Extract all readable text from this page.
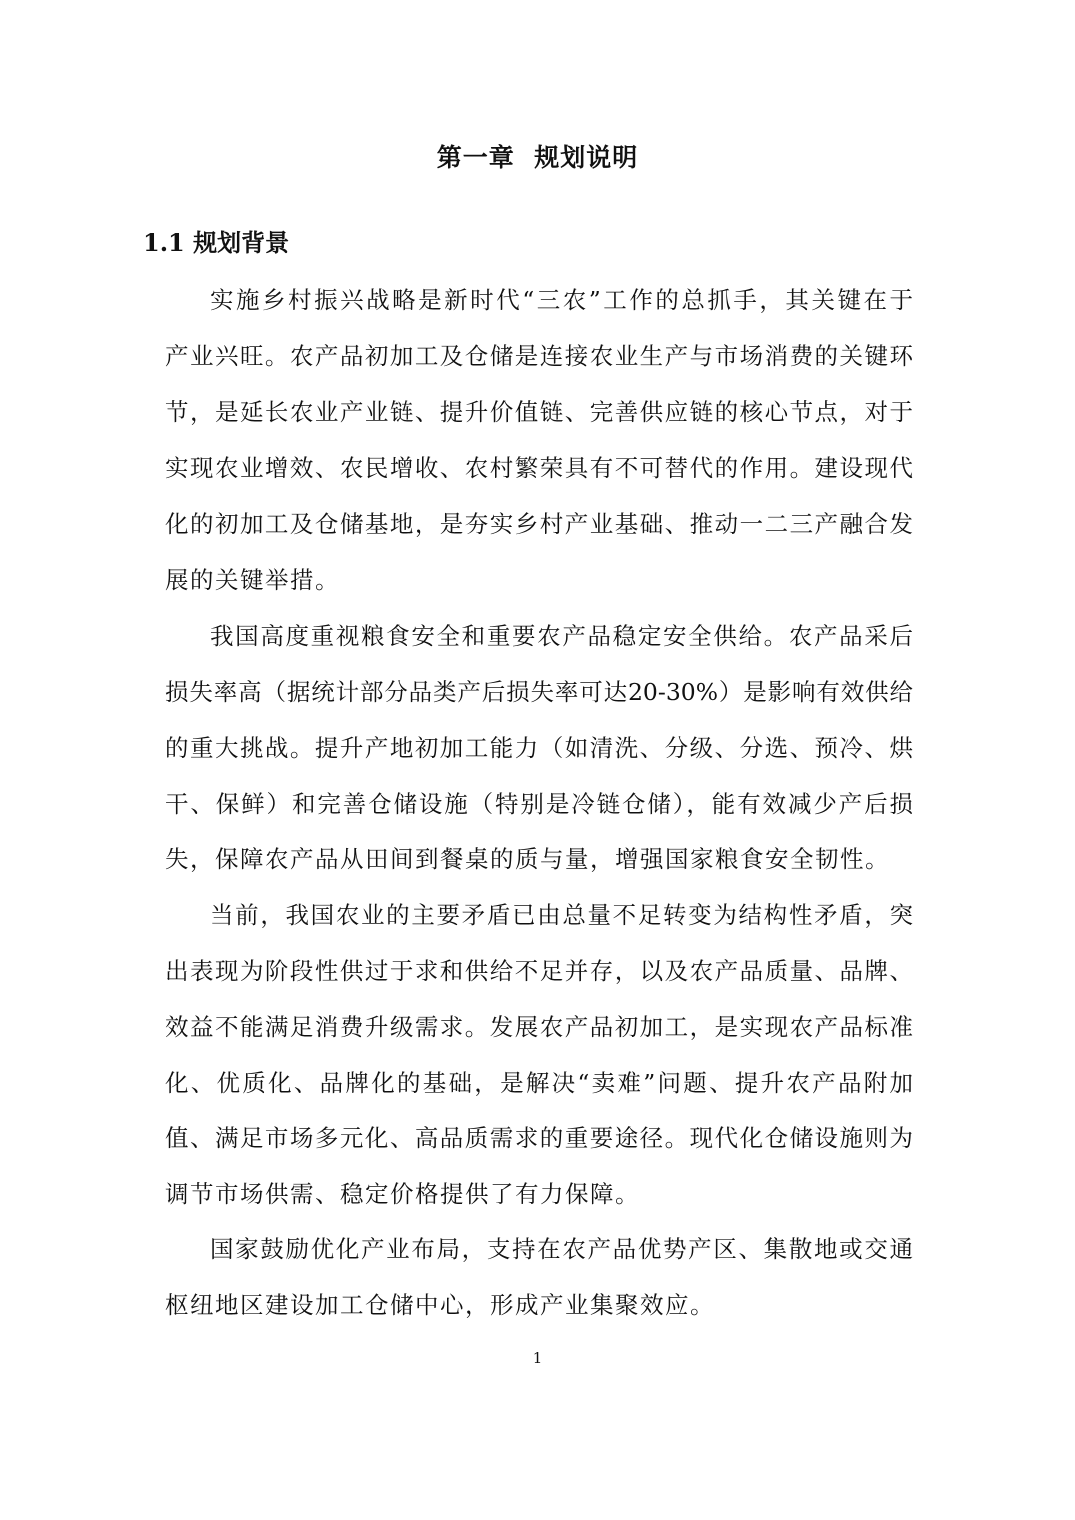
第一章  规划说明
1.1 规划背景
实施乡村振兴战略是新时代“三农”工作的总抓手，其关键在于
产业兴旺。农产品初加工及仓储是连接农业生产与市场消费的关键环
节，是延长农业产业链、提升价值链、完善供应链的核心节点，对于
实现农业增效、农民增收、农村繁荣具有不可替代的作用。建设现代
化的初加工及仓储基地，是夯实乡村产业基础、推动一二三产融合发
展的关键举措。
我国高度重视粮食安全和重要农产品稳定安全供给。农产品采后
损失率高（据统计部分品类产后损失率可达20-30%）是影响有效供给
的重大挑战。提升产地初加工能力（如清洗、分级、分选、预冷、烘
干、保鲜）和完善仓储设施（特别是冷链仓储），能有效减少产后损
失，保障农产品从田间到餐桌的质与量，增强国家粮食安全韧性。
当前，我国农业的主要矛盾已由总量不足转变为结构性矛盾，突
出表现为阶段性供过于求和供给不足并存，以及农产品质量、品牌、
效益不能满足消费升级需求。发展农产品初加工，是实现农产品标准
化、优质化、品牌化的基础，是解决“卖难”问题、提升农产品附加
值、满足市场多元化、高品质需求的重要途径。现代化仓储设施则为
调节市场供需、稳定价格提供了有力保障。
国家鼓励优化产业布局，支持在农产品优势产区、集散地或交通
枢纽地区建设加工仓储中心，形成产业集聚效应。
1
